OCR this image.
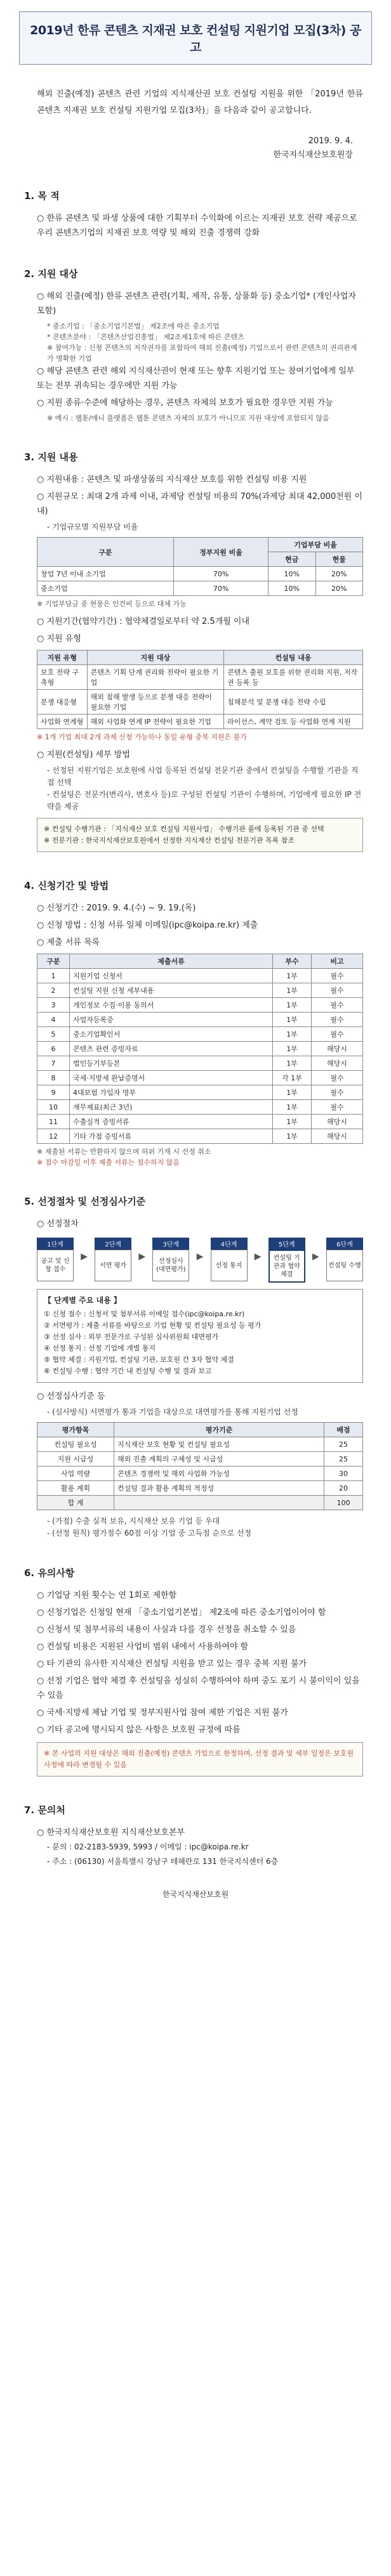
2019년 한류 콘텐츠 지재권 보호 컨설팅 지원기업 모집(3차) 공고
해외 진출(예정) 콘텐츠 관련 기업의 지식재산권 보호 컨설팅 지원을 위한 「2019년 한류 콘텐츠 지재권 보호 컨설팅 지원기업 모집(3차)」을 다음과 같이 공고합니다.
2019. 9. 4.
한국지식재산보호원장
1. 목 적

○ 한류 콘텐츠 및 파생 상품에 대한 기획부터 수익화에 이르는 지재권 보호 전략 제공으로 우리 콘텐츠기업의 지재권 보호 역량 및 해외 진출 경쟁력 강화

2. 지원 대상

○ 해외 진출(예정) 한류 콘텐츠 관련(기획, 제작, 유통, 상품화 등) 중소기업* (개인사업자 포함)

* 중소기업 : 「중소기업기본법」 제2조에 따른 중소기업
* 콘텐츠분야 : 「콘텐츠산업진흥법」 제2조제1호에 따른 콘텐츠
※ 참여가능 : 신청 콘텐츠의 저작권자를 포함하여 해외 진출(예정) 기업으로서 관련 콘텐츠의 권리관계가 명확한 기업

○ 해당 콘텐츠 관련 해외 지식재산권이 현재 또는 향후 지원기업 또는 참여기업에게 일부 또는 전부 귀속되는 경우에만 지원 가능

○ 지원 종류·수준에 해당하는 경우, 콘텐츠 자체의 보호가 필요한 경우만 지원 가능

※ 예시 : 웹툰/애니 플랫폼은 웹툰 콘텐츠 자체의 보호가 아니므로 지원 대상에 포함되지 않음
3. 지원 내용

○ 지원내용 : 콘텐츠 및 파생상품의 지식재산 보호를 위한 컨설팅 비용 지원

○ 지원규모 : 최대 2개 과제 이내, 과제당 컨설팅 비용의 70%(과제당 최대 42,000천원 이내)

- 기업규모별 지원부담 비율
구분	정부지원 비율	기업부담 비율	
		현금	현물
창업 7년 이내 소기업	70%	10%	20%
중소기업	70%	10%	20%
※ 기업부담금 중 현물은 인건비 등으로 대체 가능

○ 지원기간(협약기간) : 협약체결일로부터 약 2.5개월 이내

○ 지원 유형

지원 유형	지원 대상	컨설팅 내용
보호 전략 구축형	콘텐츠 기획 단계 권리화 전략이 필요한 기업	콘텐츠 출원 보호를 위한 권리화 지원, 저작권 등록 등
분쟁 대응형	해외 침해 발생 등으로 분쟁 대응 전략이 필요한 기업	침해분석 및 분쟁 대응 전략 수립
사업화 연계형	해외 사업화 연계 IP 전략이 필요한 기업	라이선스, 계약 검토 등 사업화 연계 지원
※ 1개 기업 최대 2개 과제 신청 가능하나 동일 유형 중복 지원은 불가

○ 지원(컨설팅) 세부 방법

- 선정된 지원기업은 보호원에 사업 등록된 컨설팅 전문기관 중에서 컨설팅을 수행할 기관을 직접 선택
- 컨설팅은 전문가(변리사, 변호사 등)로 구성된 컨설팅 기관이 수행하며, 기업에게 필요한 IP 전략을 제공
※ 컨설팅 수행기관 : 「지식재산 보호 컨설팅 지원사업」 수행기관 풀에 등록된 기관 중 선택
※ 전문기관 : 한국지식재산보호원에서 선정한 지식재산 컨설팅 전문기관 목록 참조
4. 신청기간 및 방법

○ 신청기간 : 2019. 9. 4.(수) ~ 9. 19.(목)

○ 신청 방법 : 신청 서류 일체 이메일(ipc@koipa.re.kr) 제출

○ 제출 서류 목록

구분	제출서류	부수	비고
1	지원기업 신청서	1부	필수
2	컨설팅 지원 신청 세부내용	1부	필수
3	개인정보 수집·이용 동의서	1부	필수
4	사업자등록증	1부	필수
5	중소기업확인서	1부	필수
6	콘텐츠 관련 증빙자료	1부	해당시
7	법인등기부등본	1부	해당시
8	국세·지방세 완납증명서	각 1부	필수
9	4대보험 가입자 명부	1부	필수
10	재무제표(최근 3년)	1부	필수
11	수출실적 증빙서류	1부	해당시
12	기타 가점 증빙서류	1부	해당시
※ 제출된 서류는 반환하지 않으며 허위 기재 시 선정 취소
※ 접수 마감일 이후 제출 서류는 접수하지 않음
5. 선정절차 및 선정심사기준

○ 선정절차

1단계
공고 및 신청 접수
▶
2단계
서면 평가
▶
3단계
선정심사 (대면평가)
▶
4단계
선정 통지
▶
5단계
컨설팅 기관과 협약 체결
▶
6단계
컨설팅 수행
【 단계별 주요 내용 】
① 신청 접수 : 신청서 및 첨부서류 이메일 접수(ipc@koipa.re.kr)
② 서면평가 : 제출 서류를 바탕으로 기업 현황 및 컨설팅 필요성 등 평가
③ 선정 심사 : 외부 전문가로 구성된 심사위원회 대면평가
④ 선정 통지 : 선정 기업에 개별 통지
⑤ 협약 체결 : 지원기업, 컨설팅 기관, 보호원 간 3자 협약 체결
⑥ 컨설팅 수행 : 협약 기간 내 컨설팅 수행 및 결과 보고

○ 선정심사기준 등

- (심사방식) 서면평가 통과 기업을 대상으로 대면평가를 통해 지원기업 선정
평가항목	평가기준	배점
컨설팅 필요성	지식재산 보호 현황 및 컨설팅 필요성	25
지원 시급성	해외 진출 계획의 구체성 및 시급성	25
사업 역량	콘텐츠 경쟁력 및 해외 사업화 가능성	30
활용 계획	컨설팅 결과 활용 계획의 적정성	20
합 계		100
- (가점) 수출 실적 보유, 지식재산 보유 기업 등 우대
- (선정 원칙) 평가점수 60점 이상 기업 중 고득점 순으로 선정
6. 유의사항

○ 기업당 지원 횟수는 연 1회로 제한함

○ 신청기업은 신청일 현재 「중소기업기본법」 제2조에 따른 중소기업이어야 함

○ 신청서 및 첨부서류의 내용이 사실과 다를 경우 선정을 취소할 수 있음

○ 컨설팅 비용은 지원된 사업비 범위 내에서 사용하여야 함

○ 타 기관의 유사한 지식재산 컨설팅 지원을 받고 있는 경우 중복 지원 불가

○ 선정 기업은 협약 체결 후 컨설팅을 성실히 수행하여야 하며 중도 포기 시 불이익이 있을 수 있음

○ 국세·지방세 체납 기업 및 정부지원사업 참여 제한 기업은 지원 불가

○ 기타 공고에 명시되지 않은 사항은 보호원 규정에 따름

※ 본 사업의 지원 대상은 해외 진출(예정) 콘텐츠 기업으로 한정하며, 선정 결과 및 세부 일정은 보호원 사정에 따라 변경될 수 있음
7. 문의처

○ 한국지식재산보호원 지식재산보호본부

- 문의 : 02-2183-5939, 5993 / 이메일 : ipc@koipa.re.kr

- 주소 : (06130) 서울특별시 강남구 테헤란로 131 한국지식센터 6층

한국지식재산보호원
